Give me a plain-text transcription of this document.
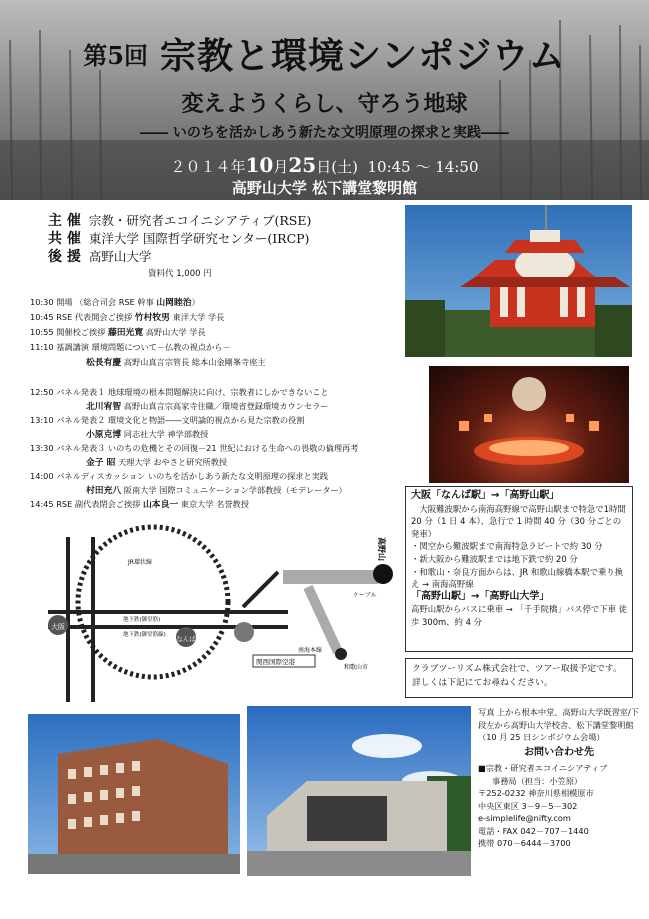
第5回 宗教と環境シンポジウム
変えようくらし、守ろう地球
―― いのちを活かしあう新たな文明原理の探求と実践――
２０１４年10月25日(土) 10:45 ～ 14:50
高野山大学 松下講堂黎明館
主 催 宗教・研究者エコイニシアティブ(RSE)
共 催 東洋大学 国際哲学研究センター(IRCP)
後 援 高野山大学
資料代 1,000 円
10:30 開場 （総合司会 RSE 幹事 山岡睦治）
10:45 RSE 代表開会ご挨拶 竹村牧男 東洋大学 学長
10:55 開催校ご挨拶 藤田光寛 高野山大学 学長
11:10 基調講演 環境問題について－仏教の視点から－
松長有慶 高野山真言宗管長 総本山金剛峯寺座主
12:50 パネル発表１ 地球環境の根本問題解決に向け、宗教者にしかできないこと
北川宥智 高野山真言宗高家寺住職／環境省登録環境カウンセラー
13:10 パネル発表２ 環境文化と物語――文明論的視点から見た宗教の役割
小原克博 同志社大学 神学部教授
13:30 パネル発表３ いのちの危機とその回復－21 世紀における生命への畏敬の倫理再考
金子 昭 天理大学 おやさと研究所教授
14:00 パネルディスカッション いのちを活かしあう新たな文明原理の探求と実践
村田充八 阪南大学 国際コミュニケーション学部教授（モデレーター）
14:45 RSE 副代表閉会ご挨拶 山本良一 東京大学 名誉教授
大阪「なんば駅」→「高野山駅」
大阪難波駅から南海高野線で高野山駅まで特急で1時間 20 分（1 日 4 本）、急行で 1 時間 40 分（30 分ごとの発車）
・関空から難波駅まで南海特急ラピートで約 30 分
・新大阪から難波駅までは地下鉄で約 20 分
・和歌山・奈良方面からは、JR 和歌山線橋本駅で乗り換え → 南海高野線
「高野山駅」→「高野山大学」
高野山駅からバスに乗車 → 「千手院橋」バス停で下車 徒歩 300m、約 4 分
クラブツーリズム株式会社で、ツアー取扱予定です。詳しくは下記にてお尋ねください。
大阪
なんば
高野山
ケーブル
JR環状線
地下鉄(御堂筋)
地下鉄(御堂筋線)
南海本線
関西国際空港
和歌山市
写真 上から根本中堂、高野山大学既習室/下段左から高野山大学校舎、松下講堂黎明館（10 月 25 日シンポジウム会場）
お問い合わせ先
■宗教・研究者エコイニシアティブ
事務局（担当：小笠原）
〒252-0232 神奈川県相模原市
中央区東区 3－9－5－302
e-simplelife@nifty.com
電話・FAX 042－707－1440
携帯 070－6444－3700
